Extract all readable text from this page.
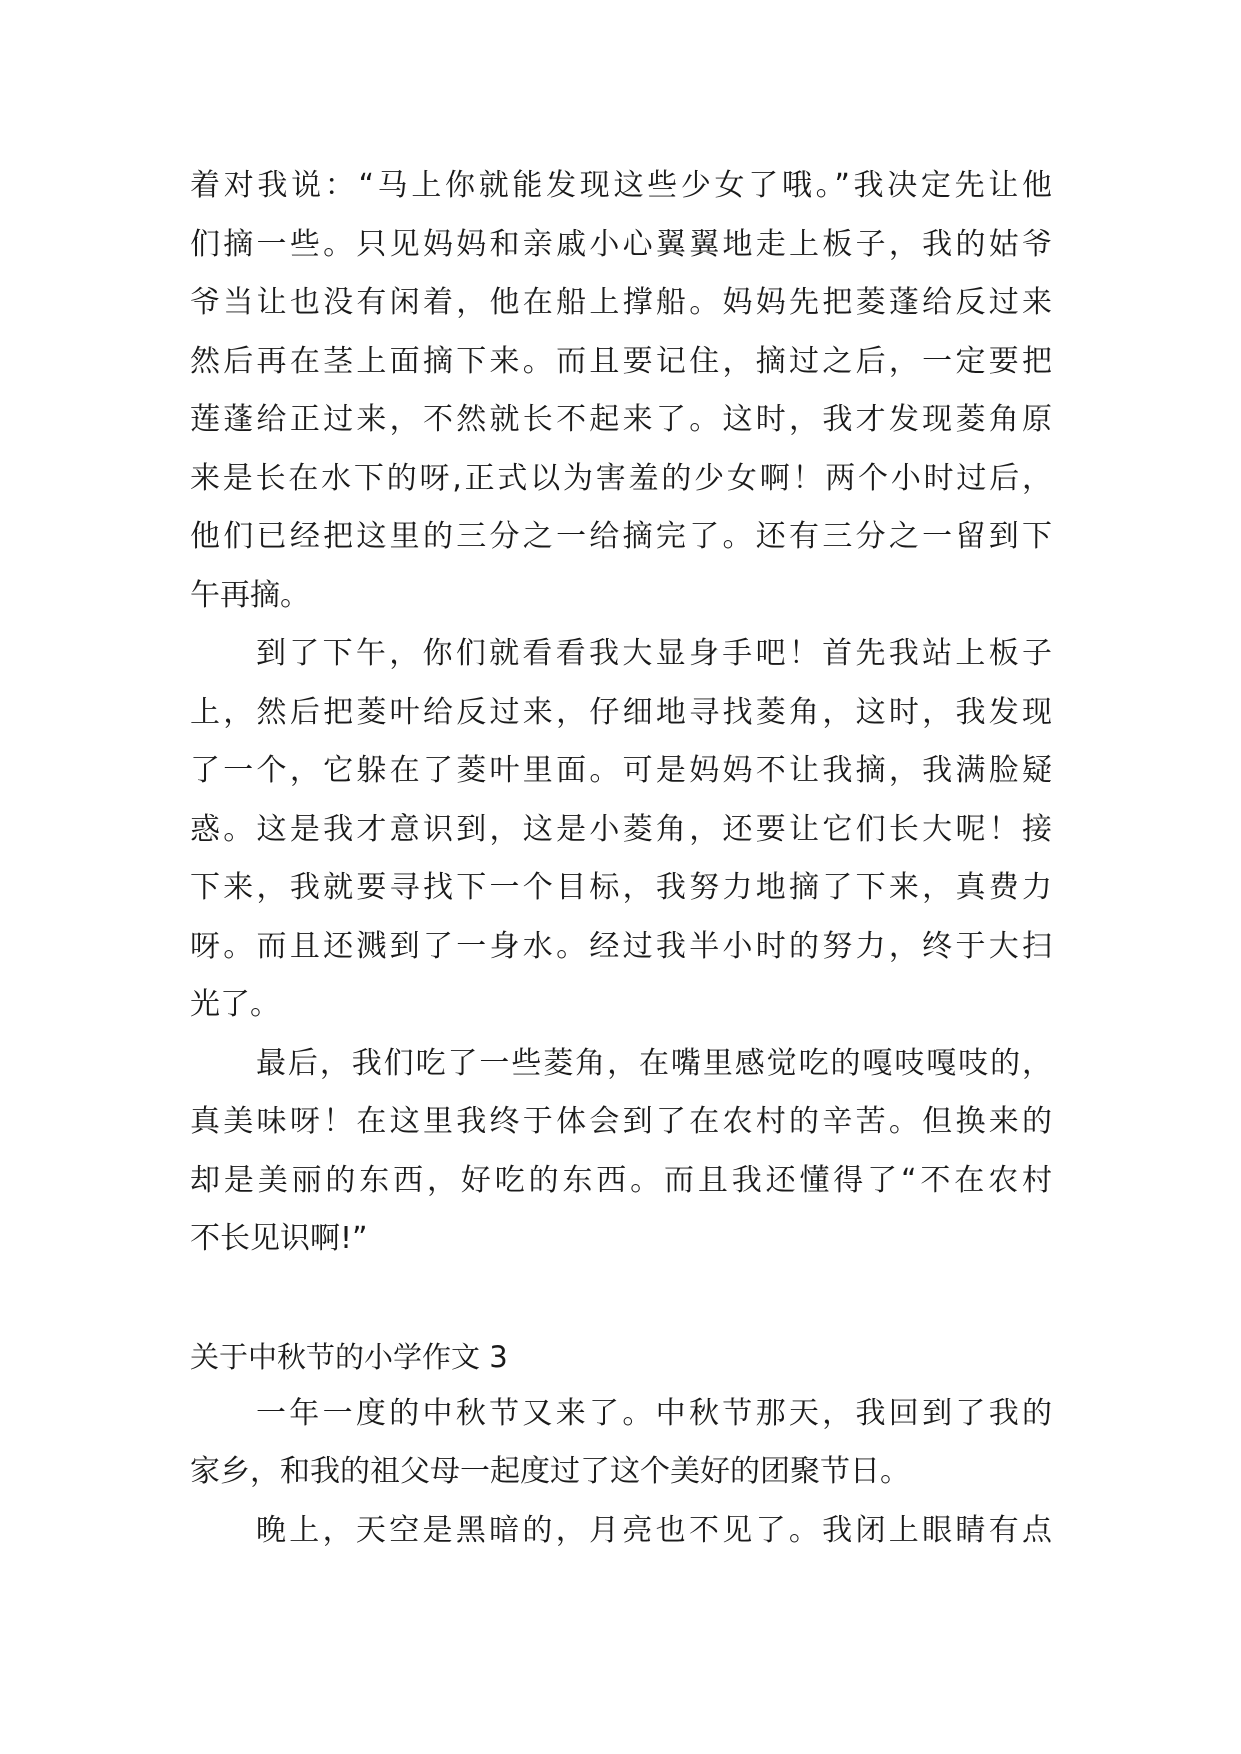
着对我说：“马上你就能发现这些少女了哦。”我决定先让他
们摘一些。只见妈妈和亲戚小心翼翼地走上板子，我的姑爷
爷当让也没有闲着，他在船上撑船。妈妈先把菱蓬给反过来
然后再在茎上面摘下来。而且要记住，摘过之后，一定要把
莲蓬给正过来，不然就长不起来了。这时，我才发现菱角原
来是长在水下的呀,正式以为害羞的少女啊！两个小时过后，
他们已经把这里的三分之一给摘完了。还有三分之一留到下
午再摘。
到了下午，你们就看看我大显身手吧！首先我站上板子
上，然后把菱叶给反过来，仔细地寻找菱角，这时，我发现
了一个，它躲在了菱叶里面。可是妈妈不让我摘，我满脸疑
惑。这是我才意识到，这是小菱角，还要让它们长大呢！接
下来，我就要寻找下一个目标，我努力地摘了下来，真费力
呀。而且还溅到了一身水。经过我半小时的努力，终于大扫
光了。
最后，我们吃了一些菱角，在嘴里感觉吃的嘎吱嘎吱的，
真美味呀！在这里我终于体会到了在农村的辛苦。但换来的
却是美丽的东西，好吃的东西。而且我还懂得了“不在农村
不长见识啊!”
关于中秋节的小学作文 3
一年一度的中秋节又来了。中秋节那天，我回到了我的
家乡，和我的祖父母一起度过了这个美好的团聚节日。
晚上，天空是黑暗的，月亮也不见了。我闭上眼睛有点
